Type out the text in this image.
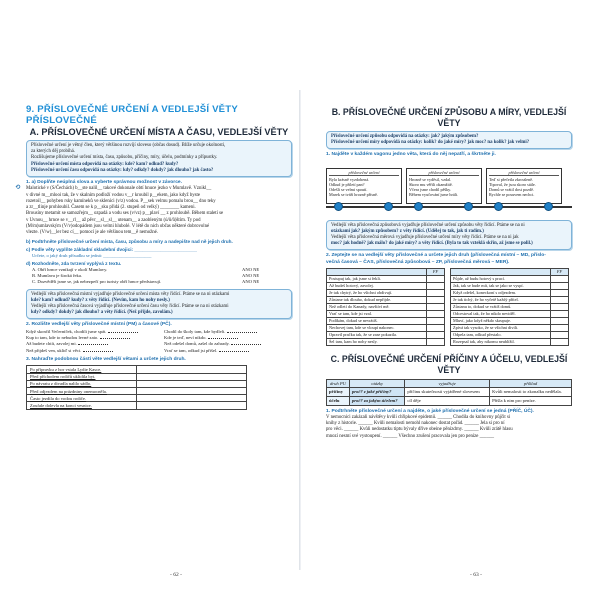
9. PŘÍSLOVEČNÉ URČENÍ A VEDLEJŠÍ VĚTY PŘÍSLOVEČNÉ
A. PŘÍSLOVEČNÉ URČENÍ MÍSTA A ČASU, VEDLEJŠÍ VĚTY
Příslovečné určení je větný člen, který většinou rozvíjí sloveso (občas dosud). Blíže určuje okolnosti,
za kterých děj probíhá.
Rozlišujeme příslovečné určení místa, času, způsobu, příčiny, míry, účelu, podmínky a přípustky.
Příslovečné určení místa odpovídá na otázky: kde? kam? odkud? kudy?
Příslovečné určení času odpovídá na otázky: kdy? odkdy? dokdy? jak dlouho? jak často?
1. a) Doplňte neúplná slova a vyberte správnou možnost v závorce.
Malotické v (S/Čechách) b__ste nalil__ takové dokonale obtí hnuce jezko v Mumlavě. Vznikl__
v divné m__mlooi tak, že v skalním podloží vodou v__r kroubil p__ekem, jako když byste
rozetoil__ pohyben rsky kamíneků ve skleníci (v/z) vodou. P__sek velmu pomalu brou__ dno teky
a zr__tlinje prohloubil. Časem se k p__sku přidá (2. stupeň od velký) ________ kameni.
Brousíny metamit se samozřejm__ ozpadá a vodu ses (v/vz) p__plaví __ z prohloubě. Během staletí se
v Uvnou__ hrnce se v__rl__ až pěvr__sl__sl__ utenam__ a zaobleným (ú/ů/ů)štím. Ty pod
(M/m)umlavským (V/v)odopádem jsou velmi hlubolé. V létě do nich občas některé dobrovolné
vlezte. (V/w)__ler bez cí__ pomocí je ale většinou tem__ě nemožné.
b) Podtrhněte příslovečné určení místa, času, způsobu a míry a nadepište nad ně jejich druh.
c) Podle věty vyplňte základní skladební dvojici: ________________________
Určete, o jaký druh přísudku se jedná: _____________________
d) Rozhodněte, zda tvrzení vyplývá z textu.
A. Obří hrnce vznikají v okolí Mumlavy.	ANO NE
B. Mumlava je široká řeka.	ANO NE
C. Dozvěděli jsme se, jak nebezpečí pro turisty obří hrnce představují.	ANO NE
Vedlejší věta příslovečná místní vyjadřuje příslovečné určení místa věty řídící. Ptáme se na ni otázkami
kde? kam? odkud? kudy? z věty řídící. (Nevím, kam ho nohy nesly.)
Vedlejší věta příslovečná časová vyjadřuje příslovečné určení času věty řídící. Ptáme se na ni otázkami
kdy? odkdy? dokdy? jak dlouho? a věty řídící. (Než přijde, zavolám.)
2. Rozlište vedlejší věty příslovečné místní (PM) a časové (PČ).
Když skončil Večerníček, chodili jsme spát.
Kup to tam, kde to nebudou levné zato.
Až budete chtít, zavolej mi.
Než přijdeš ven, ukliď si věci.
Chodil do školy tam, kde bydleli.
Kde je teď, neví nikdo.
Než odešel domů, zašel do zahrady.
Vrať se tam, odkud jsi přišel.
3. Nahraďte podobnou částí věte vedlejší větami a určete jejich druh.
Po přípravku z hor vstala Lydie Kasce.	
Před příchodem rodičů uklidila byt.	
Po návratu z divadla nalilo sádlo.	
Před odjezdem na prázdniny onemocněla.	
Často jezdila do vodou rodiče.	
Zoufale dolevla na konci vesnice.	
- 62 -
⟲
B. PŘÍSLOVEČNÉ URČENÍ ZPŮSOBU A MÍRY, VEDLEJŠÍ VĚTY
Příslovečné určení způsobu odpovídá na otázky: jak? jakým způsobem?
Příslovečné určení míry odpovídá na otázky: kolik? do jaké míry? jak moc? na kolik? jak velmi?
1. Najděte v každém vagonu jedno věta, která do něj nepatří, a škrtněte ji.
příslovečné určení
Byla krásně vyzdobená.
Odkud je přiletí pan?
Odešli se velmi spoutí.
Marek se tváří hrozně přísně.
příslovečné určení
Hrozně se vyděsil, vzdal.
Skoro mu věřili okamžitě.
Včera jsme chodil pěšky.
Během vyučování jsme hráli.
příslovečné určení
Teď si přečetla zkroušeně.
Tipoval, že jsou skoro stále.
Domů se vrátil dost pozdě.
Rychle se posuvem nechci.
Vedlejší věta příslovečná způsobová vyjadřuje příslovečné určení způsobu věty řídící. Ptáme se na ni
otázkami jak? jakým způsobem? z věty řídící. (Udělej to tak, jak ti radím.)
Vedlejší věta příslovečná měrová vyjadřuje příslovečné určení míry věty řídící. Ptáme se na ni jak
moc? jak hodně? jak málo? do jaké míry? a věty řídící. (Byla to tak vzteklá skřín, až jsme se polil.)
2. Zeptejte se na vedlejší věty příslovečné a určete jejich druh (příslovečná místní – MD, příslo-
večná časová – ČAS, příslovečná způsobová – ZP, příslovečná měrová – MER).
	FF
Postupuj tak, jak jsme si řekli.	
Až budeš hotový, zavolej.	
Je tak chytrý, že ho všichni obdivují.	
Zůstane tak dlouho, dokud nepřijde.	
Než odletí do Kanady, navštíví mě.	
Vrať se tam, kde jsi vzal.	
Podíkám, dokud se nevrátíš.	
Nechovej tam, kde se vloupí nakonec.	
Opravil pračku tak, že se zase pokazila.	
Šel tam, kam ho nohy nesly.	
	FF
Půjde, až budu hotový s prací.	
Jak, tak se bude mít, tak se jako se vyspí.	
Když odešel, koneckoní s odjezdem.	
Je tak tichý, že ho vyčetě každý přítel.	
Zůstanu to, dokud se vrátíš domů.	
Odcestoval tak, že ho nikdo neviděl.	
Mluví, jako když někdo skrupuje.	
Zpívá tak vysoko, že se všichni divili.	
Odpela tam, odkud přestalo.	
Rozepsal tak, aby nikomu neublížil.	
C. PŘÍSLOVEČNÉ URČENÍ PŘÍČINY A ÚČELU, VEDLEJŠÍ VĚTY
druh PU	otázky	vyjadřuje	příklad
příčiny	proč? z jaké příčiny?	příčinu skutečnosti vyjádřené slovesem	Kvůli nemalosti to zkonalku nedělala.
účelu	proč? za jakým účelem?	cíl děje	Přišla k nim pro peníze.
1. Podtrhněte příslovečné určení a najděte, o jaké příslovečné určení se jedná (PŘÍČ, ÚČ).
V nemocnici zakázali návštěvy kvůli chřipkové epidemii. ______ Chodila do knihovny půjčit si
knihy z historie. ______ Kvůli nemalosti nemohl nakonec dostat pořád. ______ Jela si pro ní
pro věci. ______ Kvůli nedostatku tiptu bývaly dříve obeine pěnízdrny. ______ Kvůli zrátě hlasu
mnozí nesmí své vystoupení. ______ Všechno zrušení pracovala jen pro peníze ______
- 63 -
